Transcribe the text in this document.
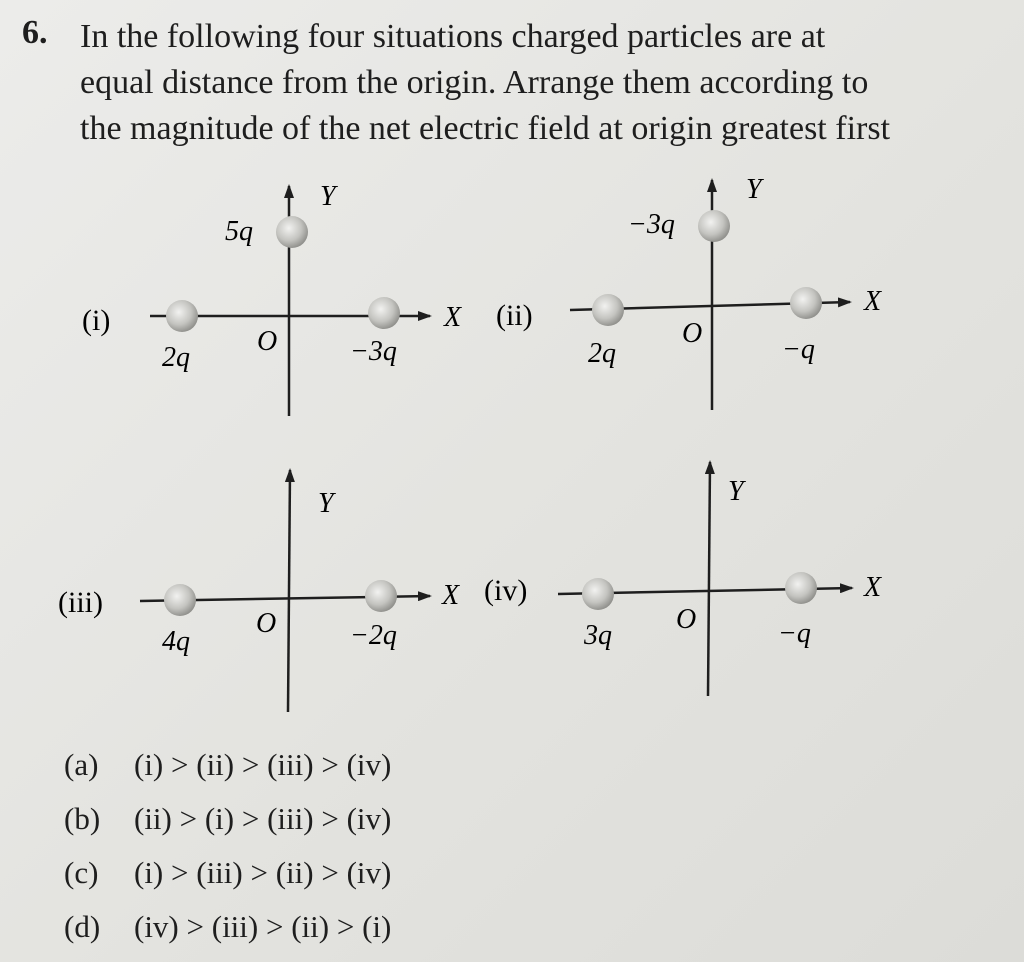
6. In the following four situations charged particles are at
equal distance from the origin. Arrange them according to
the magnitude of the net electric field at origin greatest first
(i)
5q
2q	−3q
O
X
Y
(ii)
−3q
2q	−q
O
X
Y
(iii)
4q	−2q
O
X
Y
(iv)
3q	−q
O
X
Y
(a)	(i) > (ii) > (iii) > (iv)
(b)	(ii) > (i) > (iii) > (iv)
(c)	(i) > (iii) > (ii) > (iv)
(d)	(iv) > (iii) > (ii) > (i)
